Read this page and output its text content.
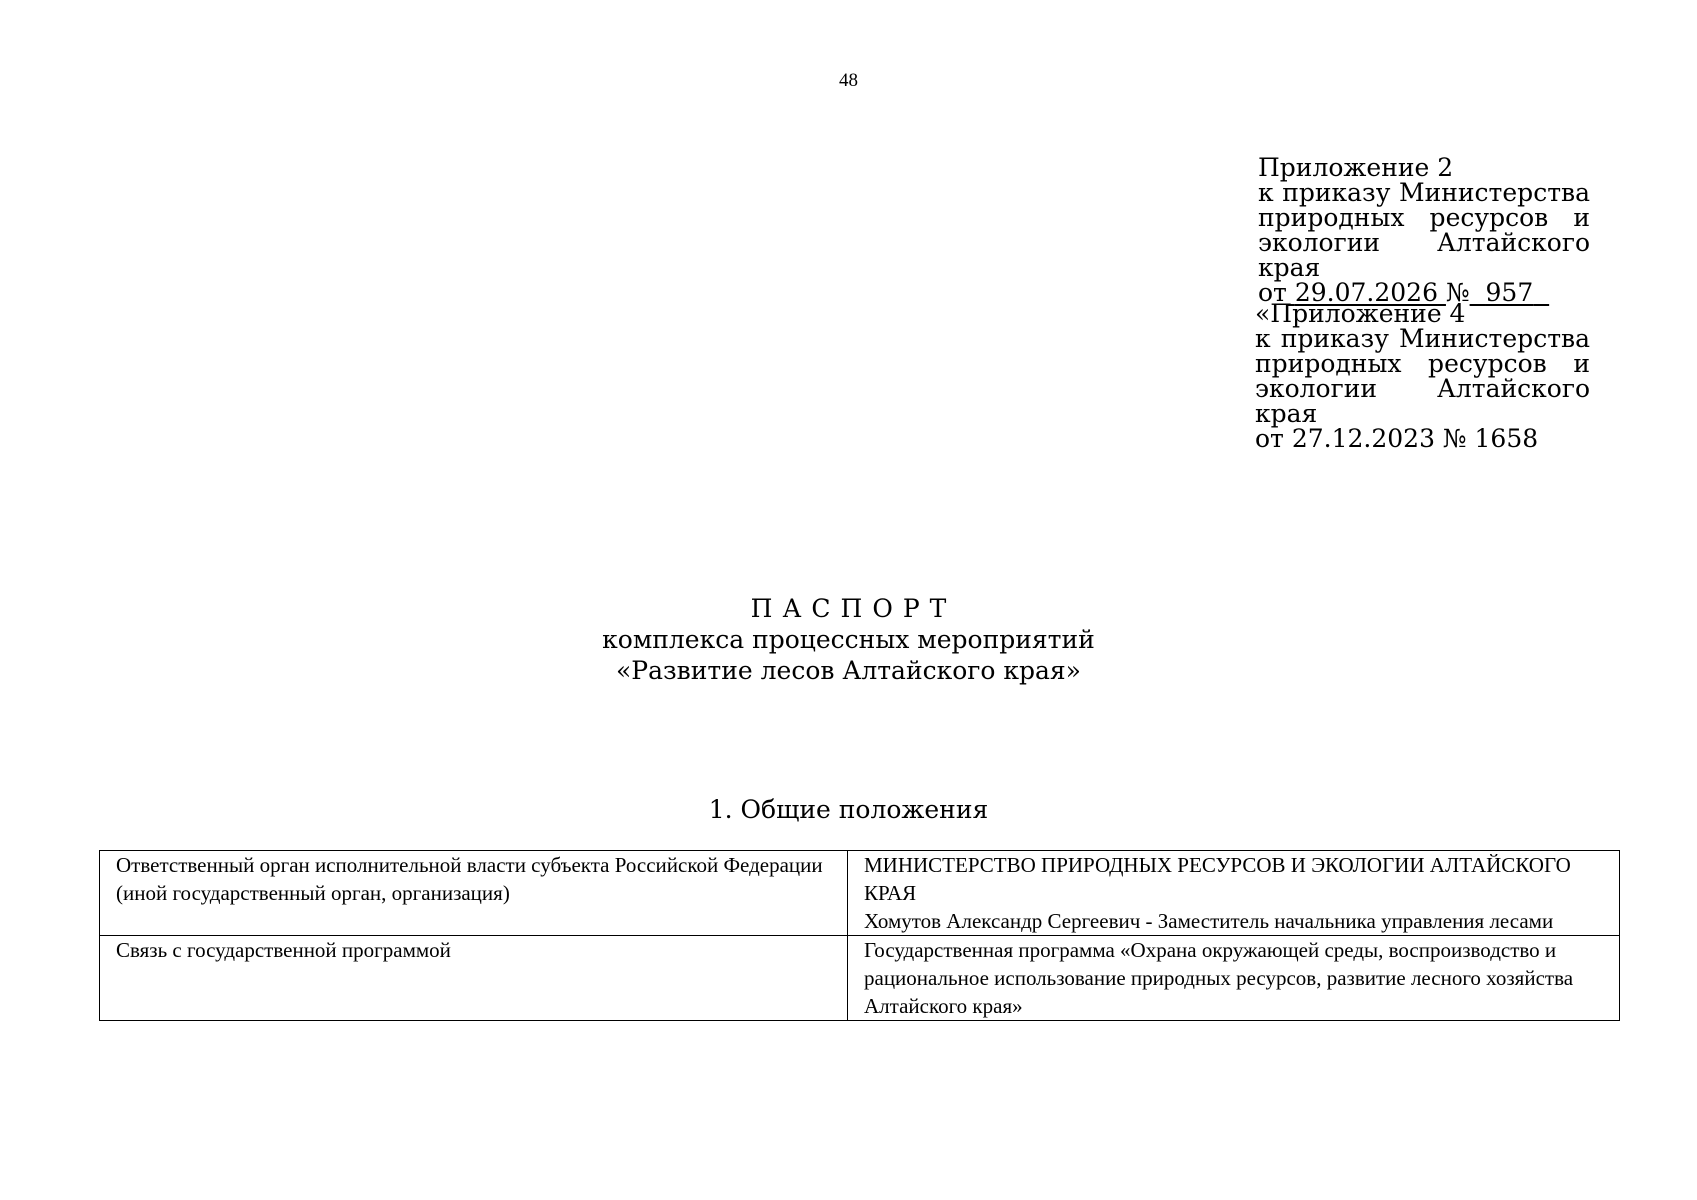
48
Приложение 2
к приказу Министерства
природных ресурсов и
экологии Алтайского края
от 29.07.2026 № 957
«Приложение 4
к приказу Министерства
природных ресурсов и
экологии Алтайского края
от 27.12.2023 № 1658
ПАСПОРТ
комплекса процессных мероприятий
«Развитие лесов Алтайского края»
1. Общие положения
Ответственный орган исполнительной власти субъекта Российской Федерации (иной государственный орган, организация)	МИНИСТЕРСТВО ПРИРОДНЫХ РЕСУРСОВ И ЭКОЛОГИИ АЛТАЙСКОГО КРАЯ
Хомутов Александр Сергеевич - Заместитель начальника управления лесами

Связь с государственной программой	Государственная программа «Охрана окружающей среды, воспроизводство и рациональное использование природных ресурсов, развитие лесного хозяйства Алтайского края»
